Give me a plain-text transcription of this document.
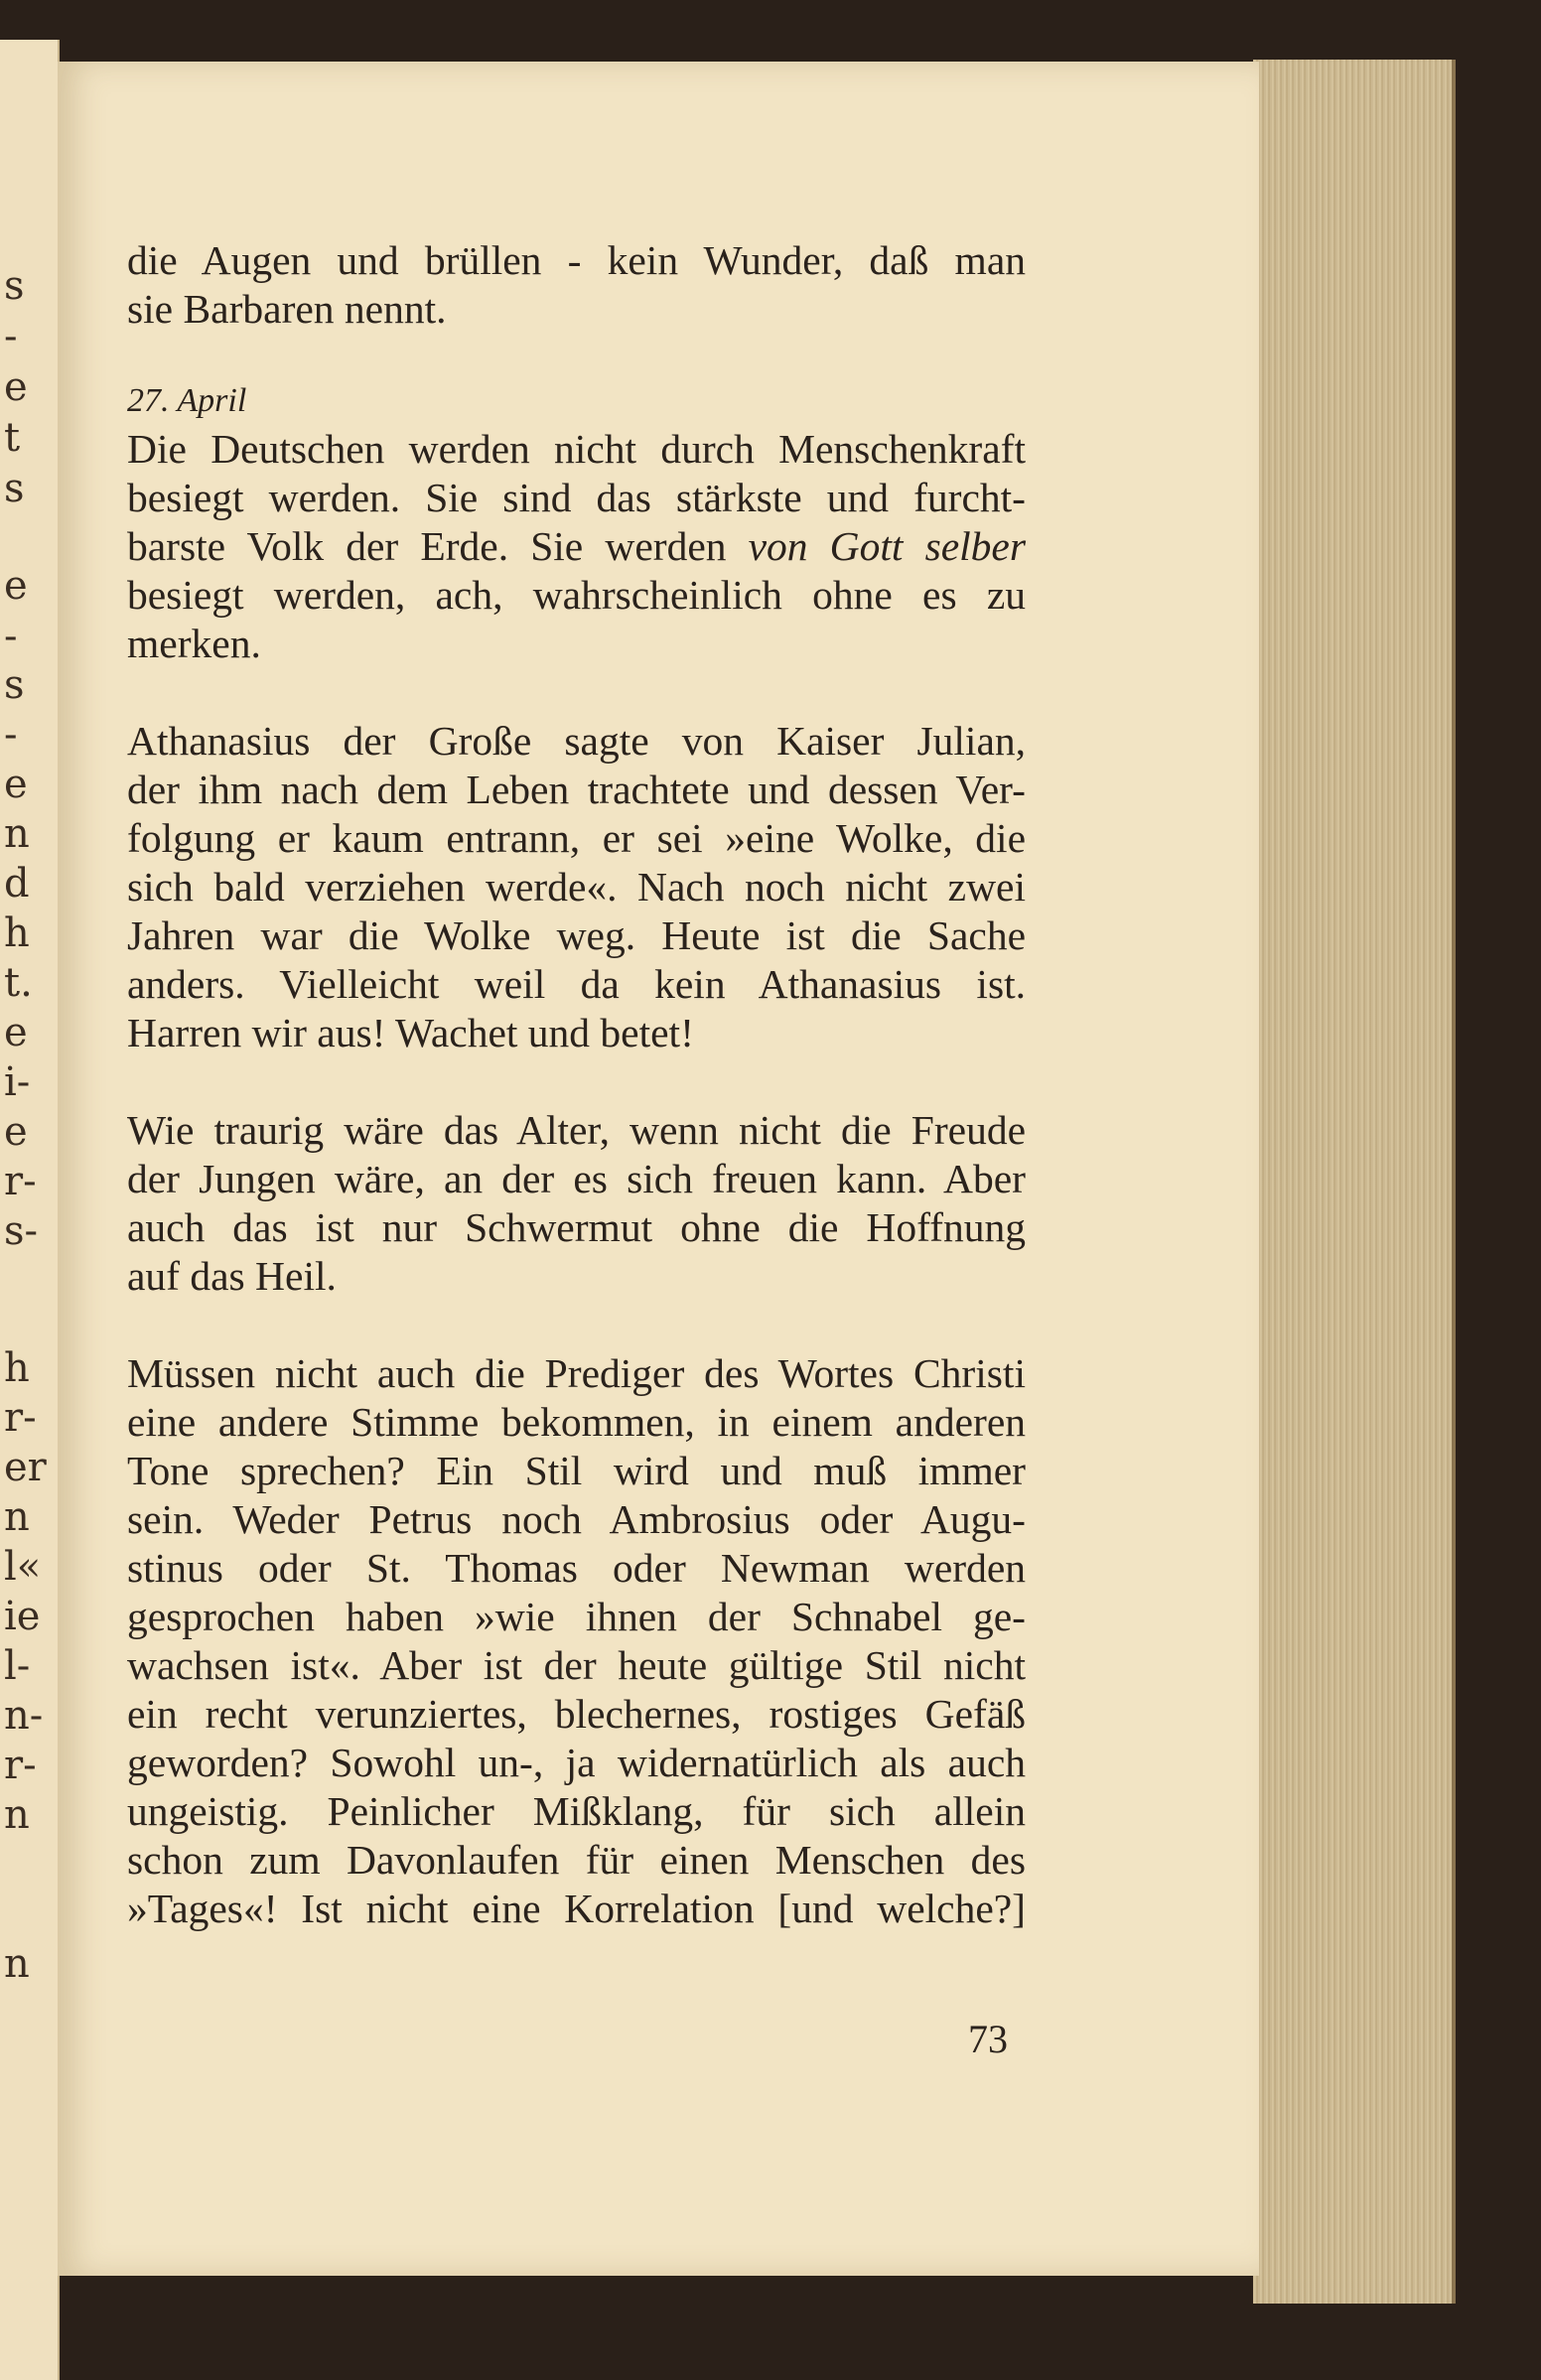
s
-
e
t
s
e
-
s
-
e
n
d
h
t.
e
i-
e
r-
s-
h
r-
er
n
l«
ie
l-
n-
r-
n
n
die Augen und brüllen - kein Wunder, daß man
sie Barbaren nennt.
27. April
Die Deutschen werden nicht durch Menschenkraft
besiegt werden. Sie sind das stärkste und furcht-
barste Volk der Erde. Sie werden von Gott selber
besiegt werden, ach, wahrscheinlich ohne es zu
merken.
Athanasius der Große sagte von Kaiser Julian,
der ihm nach dem Leben trachtete und dessen Ver-
folgung er kaum entrann, er sei »eine Wolke, die
sich bald verziehen werde«. Nach noch nicht zwei
Jahren war die Wolke weg. Heute ist die Sache
anders. Vielleicht weil da kein Athanasius ist.
Harren wir aus! Wachet und betet!
Wie traurig wäre das Alter, wenn nicht die Freude
der Jungen wäre, an der es sich freuen kann. Aber
auch das ist nur Schwermut ohne die Hoffnung
auf das Heil.
Müssen nicht auch die Prediger des Wortes Christi
eine andere Stimme bekommen, in einem anderen
Tone sprechen? Ein Stil wird und muß immer
sein. Weder Petrus noch Ambrosius oder Augu-
stinus oder St. Thomas oder Newman werden
gesprochen haben »wie ihnen der Schnabel ge-
wachsen ist«. Aber ist der heute gültige Stil nicht
ein recht verunziertes, blechernes, rostiges Gefäß
geworden? Sowohl un-, ja widernatürlich als auch
ungeistig. Peinlicher Mißklang, für sich allein
schon zum Davonlaufen für einen Menschen des
»Tages«! Ist nicht eine Korrelation [und welche?]
73
